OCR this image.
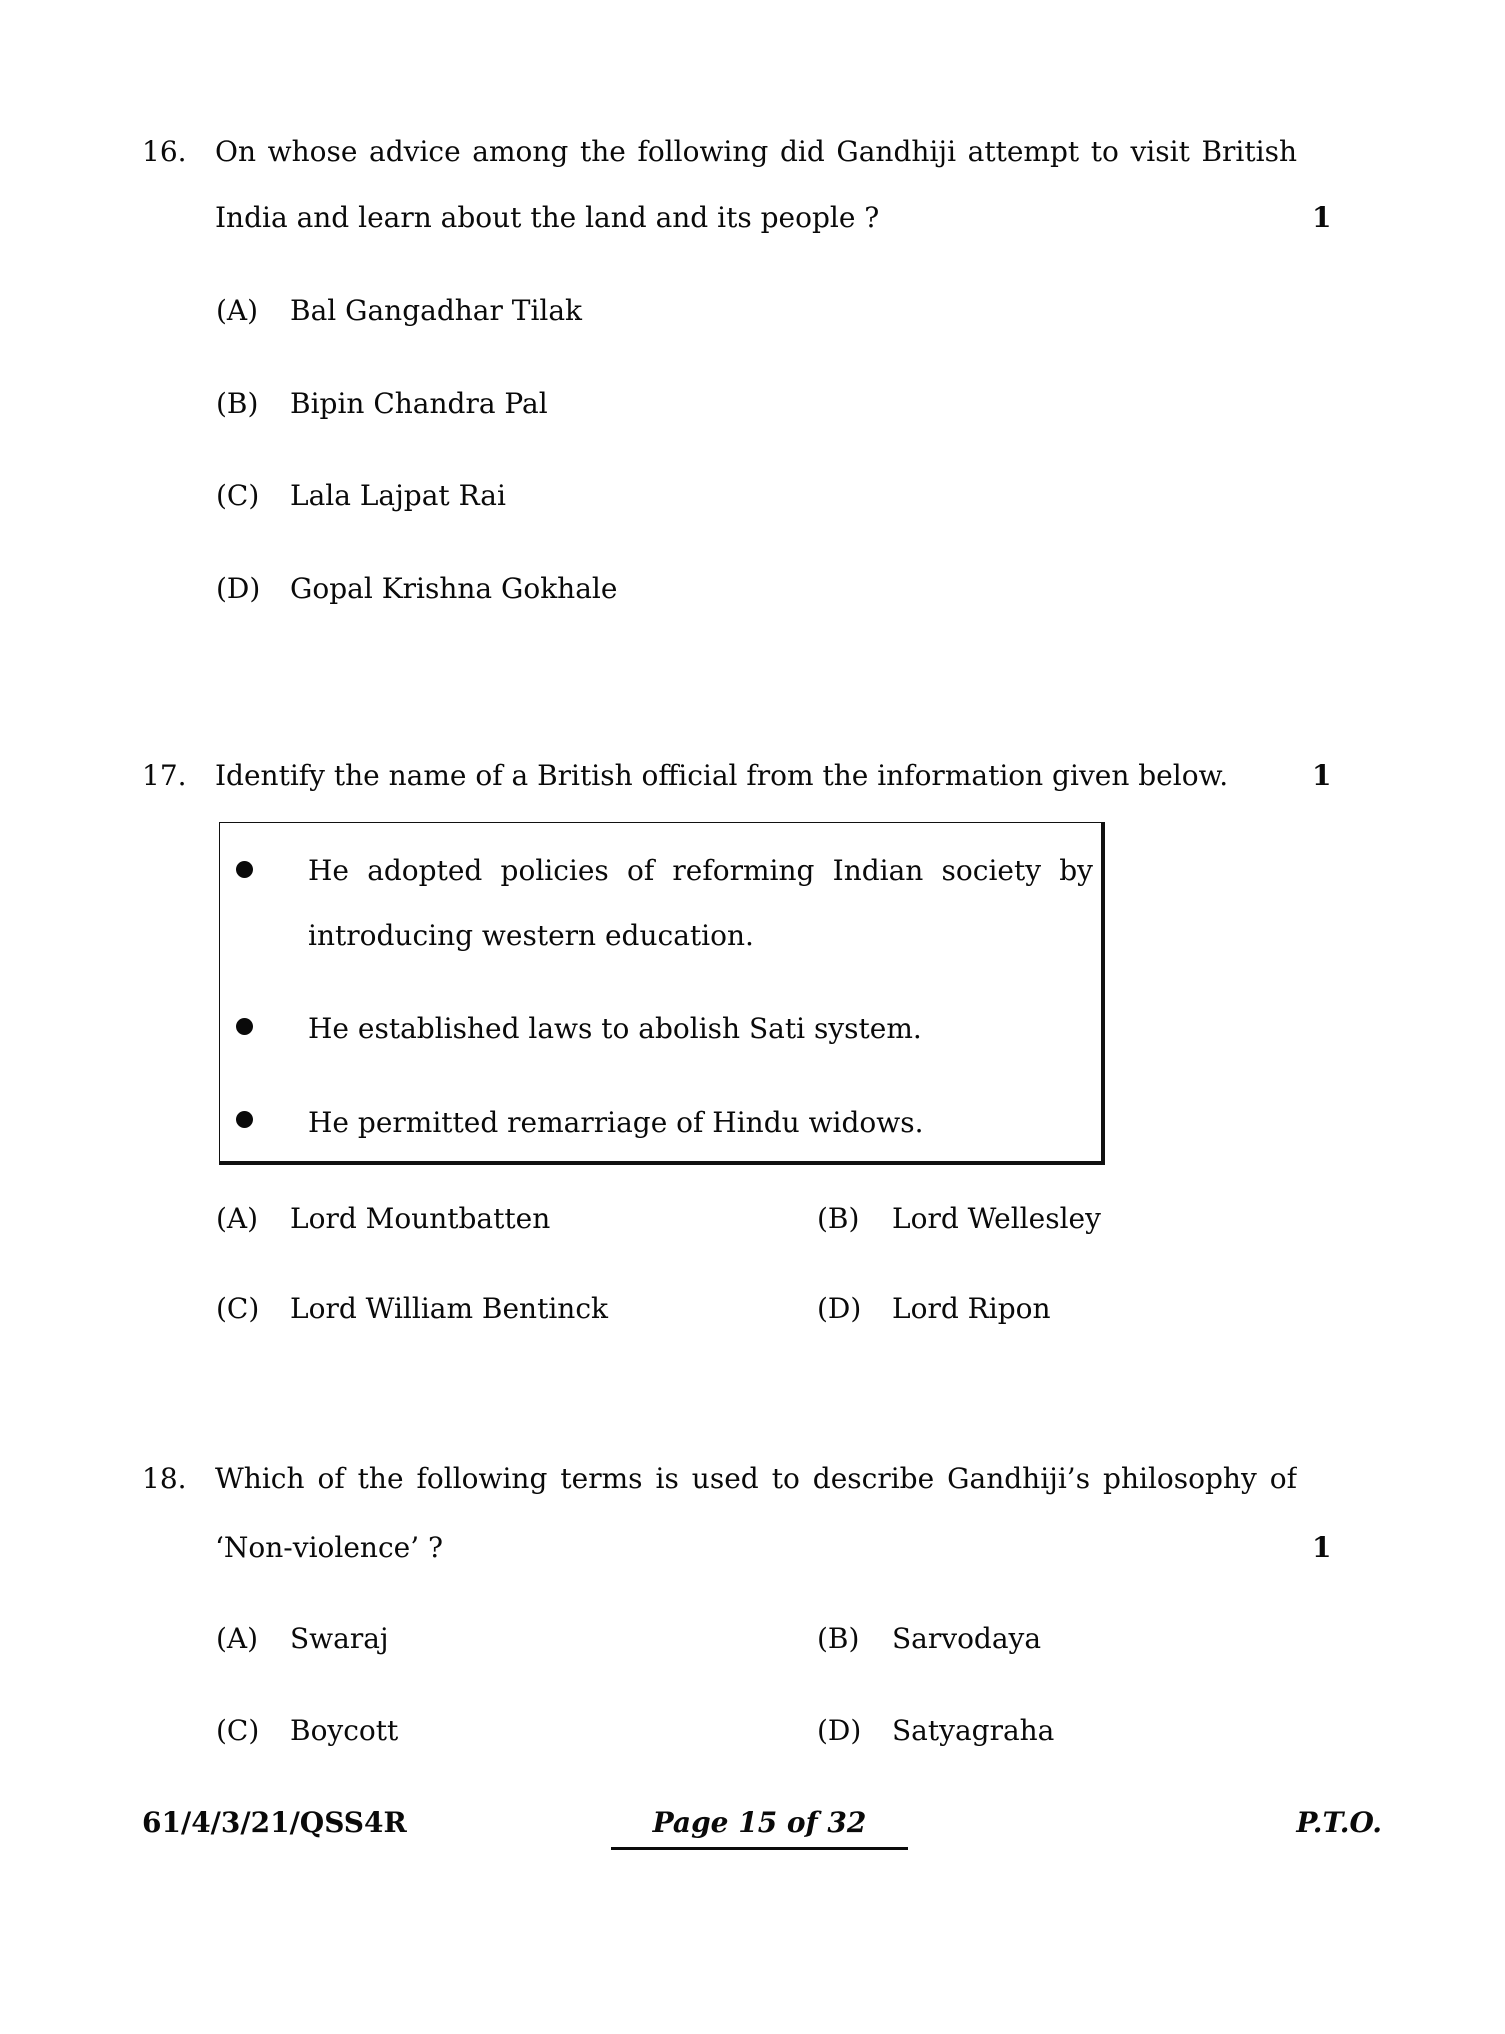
16. On whose advice among the following did Gandhiji attempt to visit British
India and learn about the land and its people ?	1
(A) Bal Gangadhar Tilak
(B) Bipin Chandra Pal
(C) Lala Lajpat Rai
(D) Gopal Krishna Gokhale
17. Identify the name of a British official from the information given below.	1
He adopted policies of reforming Indian society by
introducing western education.
He established laws to abolish Sati system.
He permitted remarriage of Hindu widows.
(A) Lord Mountbatten	(B) Lord Wellesley
(C) Lord William Bentinck	(D) Lord Ripon
18. Which of the following terms is used to describe Gandhiji’s philosophy of
‘Non-violence’ ?	1
(A) Swaraj	(B) Sarvodaya
(C) Boycott	(D) Satyagraha
61/4/3/21/QSS4R	Page 15 of 32	P.T.O.
